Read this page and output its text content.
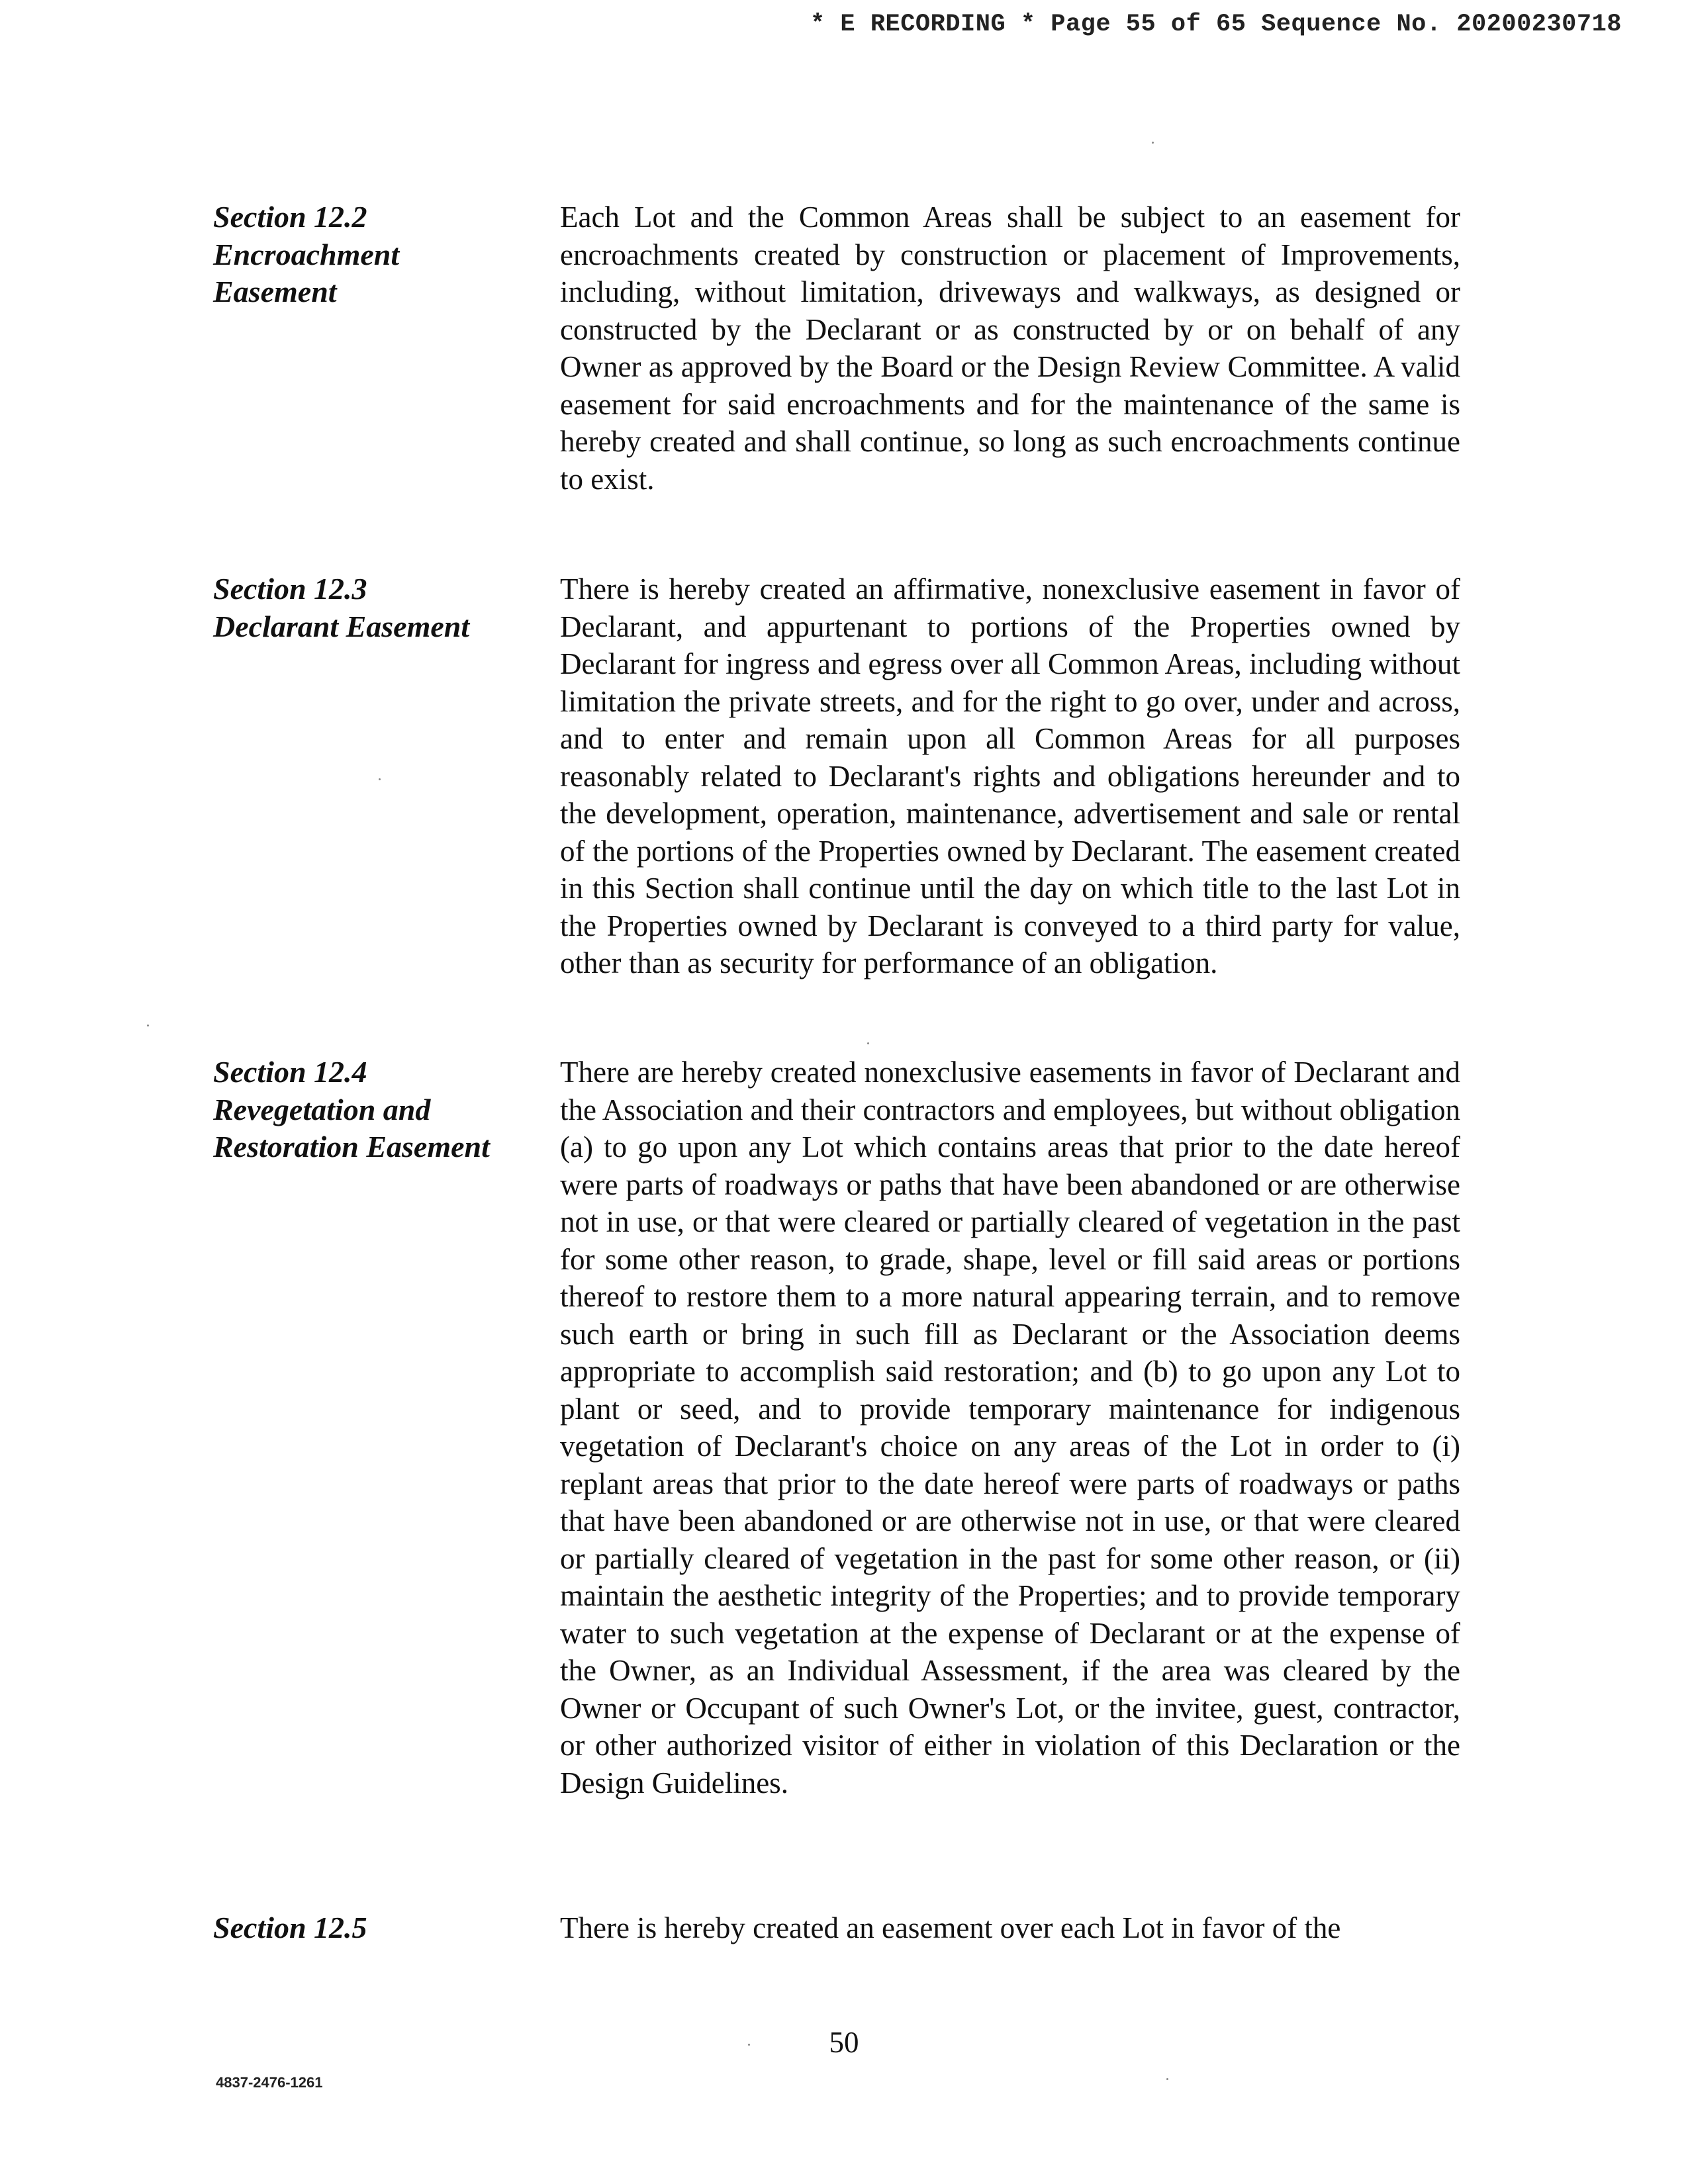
* E RECORDING * Page 55 of 65 Sequence No. 20200230718
Section 12.2
Encroachment
Easement

Each Lot and the Common Areas shall be subject to an easement for encroachments created by construction or placement of Improvements, including, without limitation, driveways and walkways, as designed or constructed by the Declarant or as constructed by or on behalf of any Owner as approved by the Board or the Design Review Committee. A valid easement for said encroachments and for the maintenance of the same is hereby created and shall continue, so long as such encroachments continue to exist.

Section 12.3
Declarant Easement

There is hereby created an affirmative, nonexclusive easement in favor of Declarant, and appurtenant to portions of the Properties owned by Declarant for ingress and egress over all Common Areas, including without limitation the private streets, and for the right to go over, under and across, and to enter and remain upon all Common Areas for all purposes reasonably related to Declarant's rights and obligations hereunder and to the development, operation, maintenance, advertisement and sale or rental of the portions of the Properties owned by Declarant. The easement created in this Section shall continue until the day on which title to the last Lot in the Properties owned by Declarant is conveyed to a third party for value, other than as security for performance of an obligation.

Section 12.4
Revegetation and
Restoration Easement

There are hereby created nonexclusive easements in favor of Declarant and the Association and their contractors and employees, but without obligation (a) to go upon any Lot which contains areas that prior to the date hereof were parts of roadways or paths that have been abandoned or are otherwise not in use, or that were cleared or partially cleared of vegetation in the past for some other reason, to grade, shape, level or fill said areas or portions thereof to restore them to a more natural appearing terrain, and to remove such earth or bring in such fill as Declarant or the Association deems appropriate to accomplish said restoration; and (b) to go upon any Lot to plant or seed, and to provide temporary maintenance for indigenous vegetation of Declarant's choice on any areas of the Lot in order to (i) replant areas that prior to the date hereof were parts of roadways or paths that have been abandoned or are otherwise not in use, or that were cleared or partially cleared of vegetation in the past for some other reason, or (ii) maintain the aesthetic integrity of the Properties; and to provide temporary water to such vegetation at the expense of Declarant or at the expense of the Owner, as an Individual Assessment, if the area was cleared by the Owner or Occupant of such Owner's Lot, or the invitee, guest, contractor, or other authorized visitor of either in violation of this Declaration or the Design Guidelines.

Section 12.5	There is hereby created an easement over each Lot in favor of the

50
4837-2476-1261
